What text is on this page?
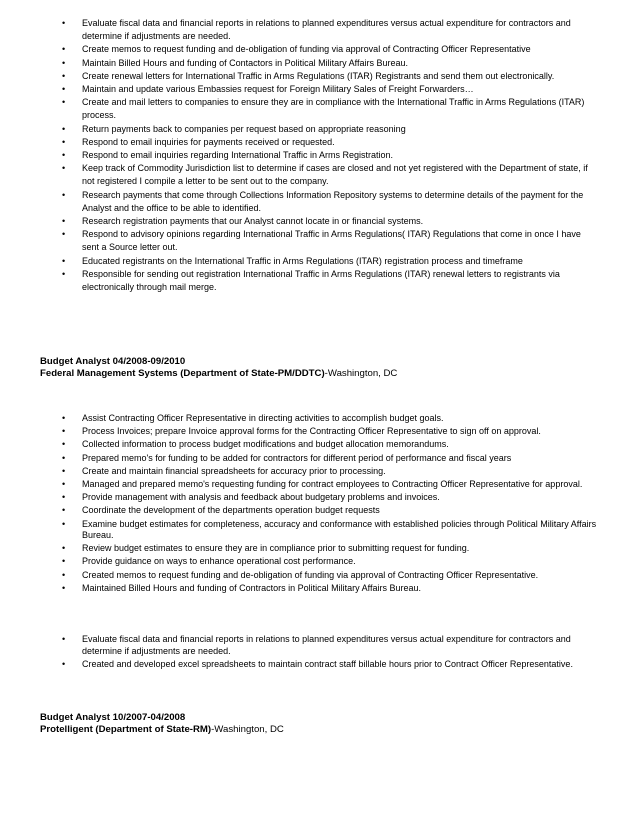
• Evaluate fiscal data and financial reports in relations to planned expenditures versus actual expenditure for contractors and determine if adjustments are needed.
• Create memos to request funding and de-obligation of funding via approval of Contracting Officer Representative
• Maintain Billed Hours and funding of Contactors in Political Military Affairs Bureau.
• Create renewal letters for International Traffic in Arms Regulations (ITAR) Registrants and send them out electronically.
• Maintain and update various Embassies request for Foreign Military Sales of Freight Forwarders…
• Create and mail letters to companies to ensure they are in compliance with the International Traffic in Arms Regulations (ITAR) process.
• Return payments back to companies per request based on appropriate reasoning
• Respond to email inquiries for payments received or requested.
• Respond to email inquiries regarding International Traffic in Arms Registration.
• Keep track of Commodity Jurisdiction list to determine if cases are closed and not yet registered with the Department of state, if not registered I compile a letter to be sent out to the company.
• Research payments that come through Collections Information Repository systems to determine details of the payment for the Analyst and the office to be able to identified.
• Research registration payments that our Analyst cannot locate in or financial systems.
• Respond to advisory opinions regarding International Traffic in Arms Regulations( ITAR) Regulations that come in once I have sent a Source letter out.
• Educated registrants on the International Traffic in Arms Regulations (ITAR) registration process and timeframe
• Responsible for sending out registration International Traffic in Arms Regulations (ITAR) renewal letters to registrants via electronically through mail merge.
Budget Analyst 04/2008-09/2010
Federal Management Systems (Department of State-PM/DDTC)-Washington, DC
• Assist Contracting Officer Representative in directing activities to accomplish budget goals.
• Process Invoices; prepare Invoice approval forms for the Contracting Officer Representative to sign off on approval.
• Collected information to process budget modifications and budget allocation memorandums.
• Prepared memo's for funding to be added for contractors for different period of performance and fiscal years
• Create and maintain financial spreadsheets for accuracy prior to processing.
• Managed and prepared memo's requesting funding for contract employees to Contracting Officer Representative for approval.
• Provide management with analysis and feedback about budgetary problems and invoices.
• Coordinate the development of the departments operation budget requests
• Examine budget estimates for completeness, accuracy and conformance with established policies through Political Military Affairs Bureau.
• Review budget estimates to ensure they are in compliance prior to submitting request for funding.
• Provide guidance on ways to enhance operational cost performance.
• Created memos to request funding and de-obligation of funding via approval of Contracting Officer Representative.
• Maintained Billed Hours and funding of Contractors in Political Military Affairs Bureau.
• Evaluate fiscal data and financial reports in relations to planned expenditures versus actual expenditure for contractors and determine if adjustments are needed.
• Created and developed excel spreadsheets to maintain contract staff billable hours prior to Contract Officer Representative.
Budget Analyst 10/2007-04/2008
Protelligent (Department of State-RM)-Washington, DC
